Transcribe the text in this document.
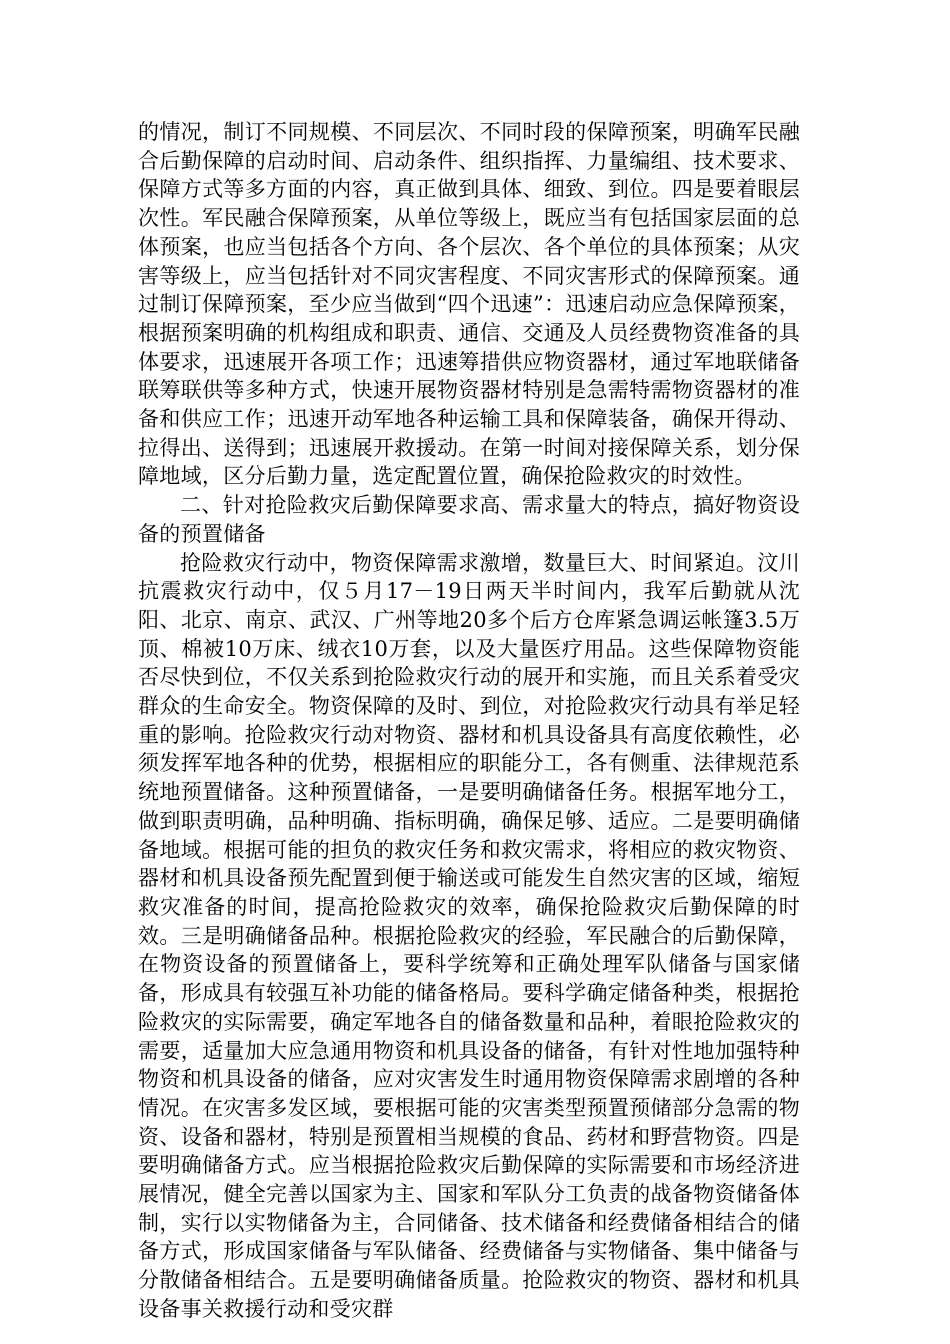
的情况，制订不同规模、不同层次、不同时段的保障预案，明确军民融合后勤保障的启动时间、启动条件、组织指挥、力量编组、技术要求、保障方式等多方面的内容，真正做到具体、细致、到位。四是要着眼层次性。军民融合保障预案，从单位等级上，既应当有包括国家层面的总体预案，也应当包括各个方向、各个层次、各个单位的具体预案；从灾害等级上，应当包括针对不同灾害程度、不同灾害形式的保障预案。通过制订保障预案，至少应当做到“四个迅速”：迅速启动应急保障预案，根据预案明确的机构组成和职责、通信、交通及人员经费物资准备的具体要求，迅速展开各项工作；迅速筹措供应物资器材，通过军地联储备联筹联供等多种方式，快速开展物资器材特别是急需特需物资器材的准备和供应工作；迅速开动军地各种运输工具和保障装备，确保开得动、拉得出、送得到；迅速展开救援动。在第一时间对接保障关系，划分保障地域，区分后勤力量，选定配置位置，确保抢险救灾的时效性。

二、针对抢险救灾后勤保障要求高、需求量大的特点，搞好物资设备的预置储备

抢险救灾行动中，物资保障需求激增，数量巨大、时间紧迫。汶川抗震救灾行动中，仅５月17－19日两天半时间内，我军后勤就从沈阳、北京、南京、武汉、广州等地20多个后方仓库紧急调运帐篷3.5万顶、棉被10万床、绒衣10万套，以及大量医疗用品。这些保障物资能否尽快到位，不仅关系到抢险救灾行动的展开和实施，而且关系着受灾群众的生命安全。物资保障的及时、到位，对抢险救灾行动具有举足轻重的影响。抢险救灾行动对物资、器材和机具设备具有高度依赖性，必须发挥军地各种的优势，根据相应的职能分工，各有侧重、法律规范系统地预置储备。这种预置储备，一是要明确储备任务。根据军地分工，做到职责明确，品种明确、指标明确，确保足够、适应。二是要明确储备地域。根据可能的担负的救灾任务和救灾需求，将相应的救灾物资、器材和机具设备预先配置到便于输送或可能发生自然灾害的区域，缩短救灾准备的时间，提高抢险救灾的效率，确保抢险救灾后勤保障的时效。三是明确储备品种。根据抢险救灾的经验，军民融合的后勤保障，在物资设备的预置储备上，要科学统筹和正确处理军队储备与国家储备，形成具有较强互补功能的储备格局。要科学确定储备种类，根据抢险救灾的实际需要，确定军地各自的储备数量和品种，着眼抢险救灾的需要，适量加大应急通用物资和机具设备的储备，有针对性地加强特种物资和机具设备的储备，应对灾害发生时通用物资保障需求剧增的各种情况。在灾害多发区域，要根据可能的灾害类型预置预储部分急需的物资、设备和器材，特别是预置相当规模的食品、药材和野营物资。四是要明确储备方式。应当根据抢险救灾后勤保障的实际需要和市场经济进展情况，健全完善以国家为主、国家和军队分工负责的战备物资储备体制，实行以实物储备为主，合同储备、技术储备和经费储备相结合的储备方式，形成国家储备与军队储备、经费储备与实物储备、集中储备与分散储备相结合。五是要明确储备质量。抢险救灾的物资、器材和机具设备事关救援行动和受灾群
